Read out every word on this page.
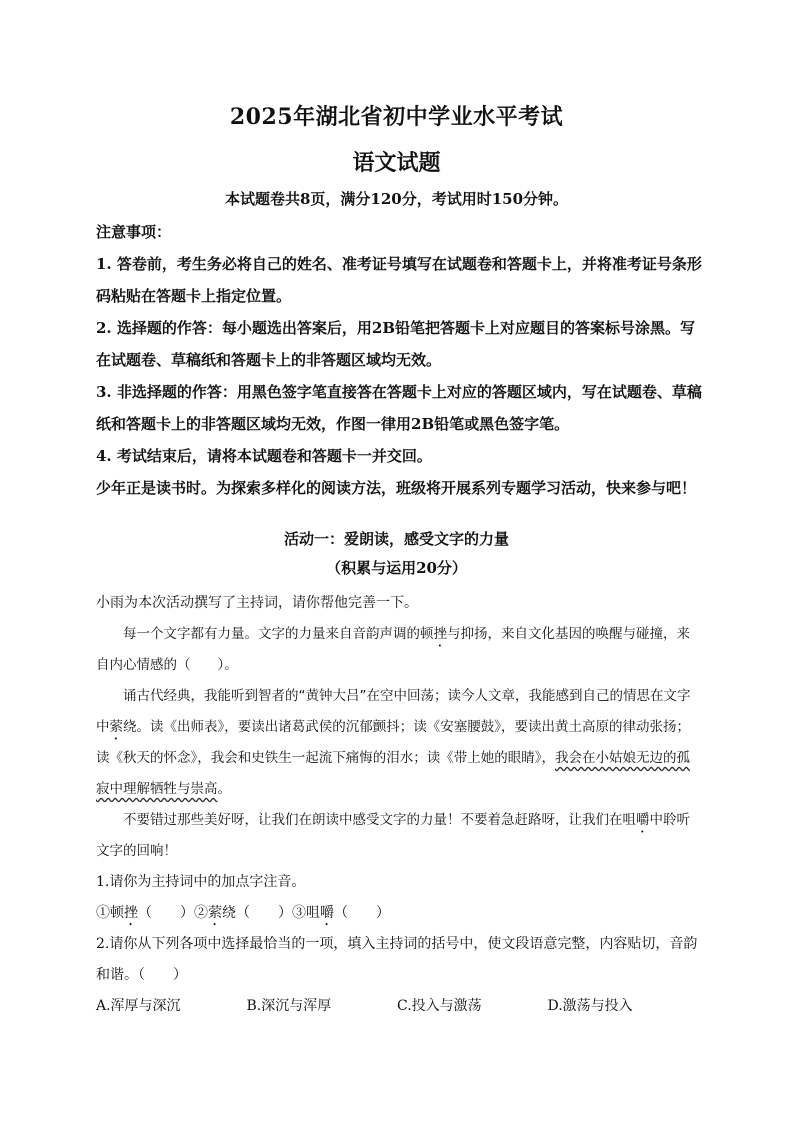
2025年湖北省初中学业水平考试
语文试题
本试题卷共8页，满分120分，考试用时150分钟。

注意事项：

1. 答卷前，考生务必将自己的姓名、准考证号填写在试题卷和答题卡上，并将准考证号条形码粘贴在答题卡上指定位置。

2. 选择题的作答：每小题选出答案后，用2B铅笔把答题卡上对应题目的答案标号涂黑。写在试题卷、草稿纸和答题卡上的非答题区域均无效。

3. 非选择题的作答：用黑色签字笔直接答在答题卡上对应的答题区域内，写在试题卷、草稿纸和答题卡上的非答题区域均无效，作图一律用2B铅笔或黑色签字笔。

4. 考试结束后，请将本试题卷和答题卡一并交回。

少年正是读书时。为探索多样化的阅读方法，班级将开展系列专题学习活动，快来参与吧！

活动一：爱朗读，感受文字的力量
（积累与运用20分）

小雨为本次活动撰写了主持词，请你帮他完善一下。

每一个文字都有力量。文字的力量来自音韵声调的顿挫与抑扬，来自文化基因的唤醒与碰撞，来自内心情感的（　　）。

诵古代经典，我能听到智者的“黄钟大吕”在空中回荡；读今人文章，我能感到自己的情思在文字中萦绕。读《出师表》，要读出诸葛武侯的沉郁颤抖；读《安塞腰鼓》，要读出黄土高原的律动张扬；读《秋天的怀念》，我会和史铁生一起流下痛悔的泪水；读《带上她的眼睛》，我会在小姑娘无边的孤寂中理解牺牲与崇高。

不要错过那些美好呀，让我们在朗读中感受文字的力量！不要着急赶路呀，让我们在咀嚼中聆听文字的回响！

1.请你为主持词中的加点字注音。

①顿挫（　　）②萦绕（　　）③咀嚼（　　）

2.请你从下列各项中选择最恰当的一项，填入主持词的括号中，使文段语意完整，内容贴切，音韵和谐。（　　）

A.浑厚与深沉	B.深沉与浑厚	C.投入与激荡	D.激荡与投入
